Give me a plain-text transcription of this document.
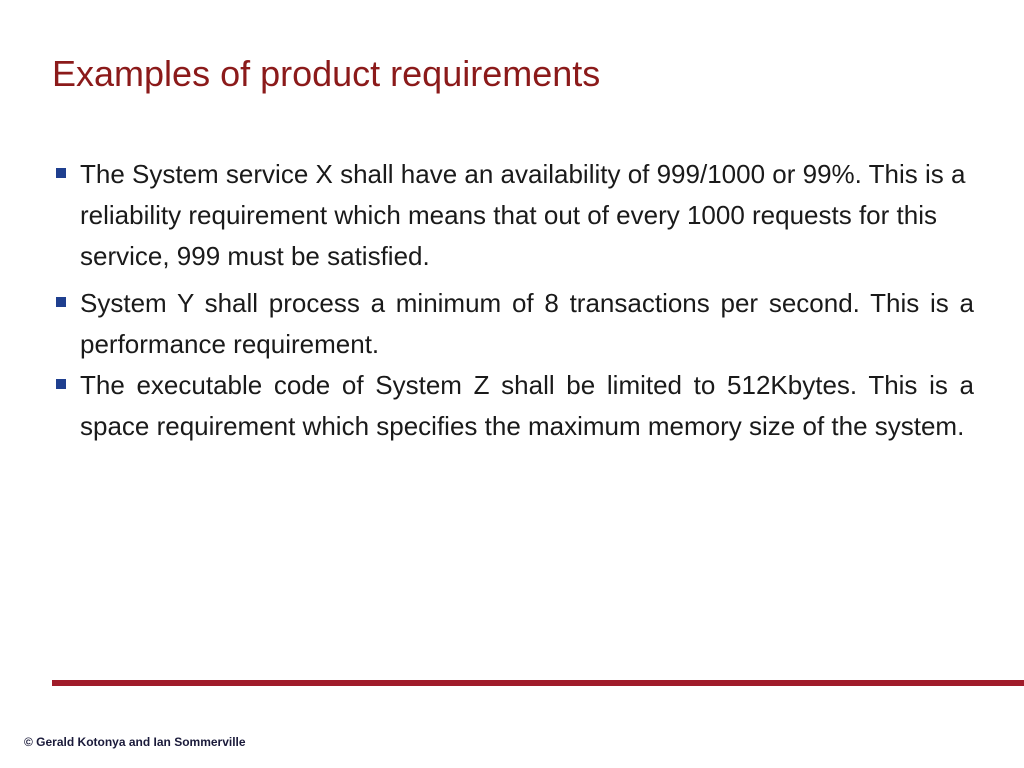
Examples of product requirements
The System service X shall have an availability of 999/1000 or 99%. This is a reliability requirement which means that out of every 1000 requests for this service, 999 must be satisfied.
System Y shall process a minimum of 8 transactions per second. This is a performance requirement.
The executable code of System Z shall be limited to 512Kbytes. This is a space requirement which specifies the maximum memory size of the system.
© Gerald Kotonya and Ian Sommerville
